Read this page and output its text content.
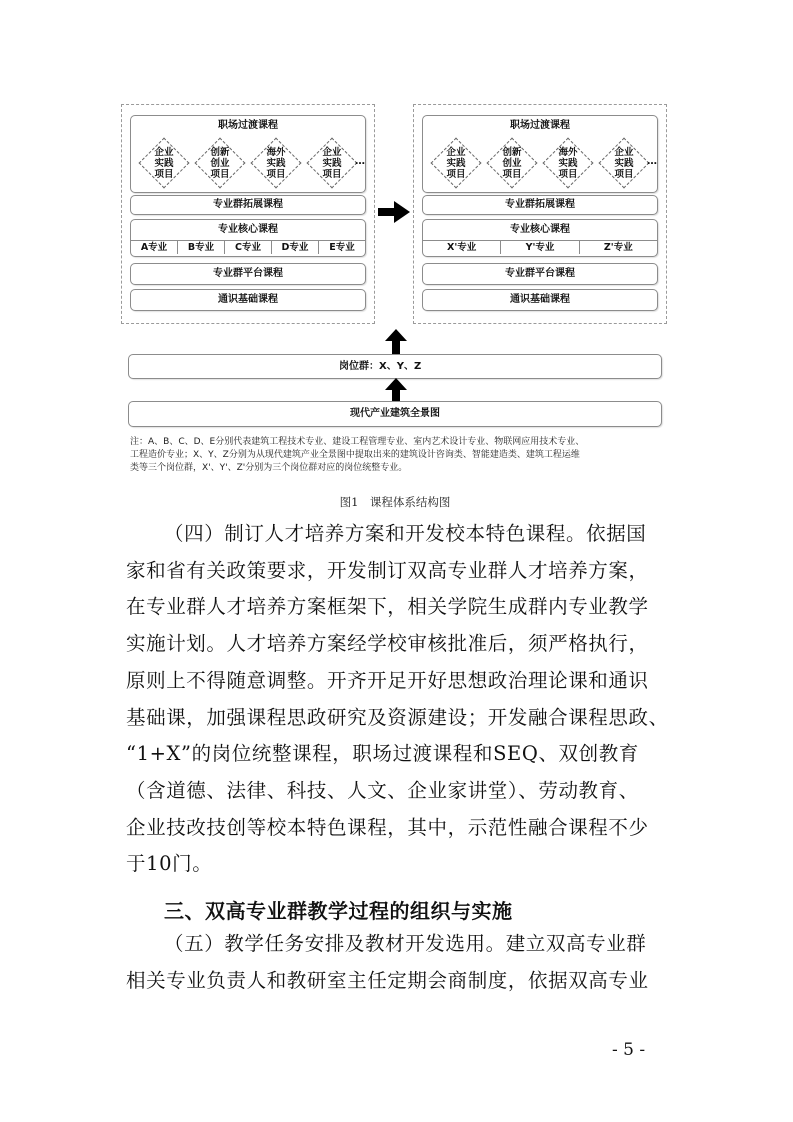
职场过渡课程
企业实践项目
创新创业项目
海外实践项目
企业实践项目
…
专业群拓展课程
专业核心课程
A专业	B专业	C专业	D专业	E专业
专业群平台课程
通识基础课程
职场过渡课程
企业实践项目
创新创业项目
海外实践项目
企业实践项目
…
专业群拓展课程
专业核心课程
X'专业	Y'专业	Z'专业
专业群平台课程
通识基础课程
岗位群：X、Y、Z
现代产业建筑全景图
注：A、B、C、D、E分别代表建筑工程技术专业、建设工程管理专业、室内艺术设计专业、物联网应用技术专业、
工程造价专业；X、Y、Z分别为从现代建筑产业全景图中提取出来的建筑设计咨询类、智能建造类、建筑工程运维
类等三个岗位群，X'、Y'、Z'分别为三个岗位群对应的岗位统整专业。
图1　课程体系结构图
（四）制订人才培养方案和开发校本特色课程。依据国
家和省有关政策要求，开发制订双高专业群人才培养方案，
在专业群人才培养方案框架下，相关学院生成群内专业教学
实施计划。人才培养方案经学校审核批准后，须严格执行，
原则上不得随意调整。开齐开足开好思想政治理论课和通识
基础课，加强课程思政研究及资源建设；开发融合课程思政、
“1+X”的岗位统整课程，职场过渡课程和SEQ、双创教育
（含道德、法律、科技、人文、企业家讲堂）、劳动教育、
企业技改技创等校本特色课程，其中，示范性融合课程不少
于10门。
三、双高专业群教学过程的组织与实施
（五）教学任务安排及教材开发选用。建立双高专业群
相关专业负责人和教研室主任定期会商制度，依据双高专业
- 5 -
